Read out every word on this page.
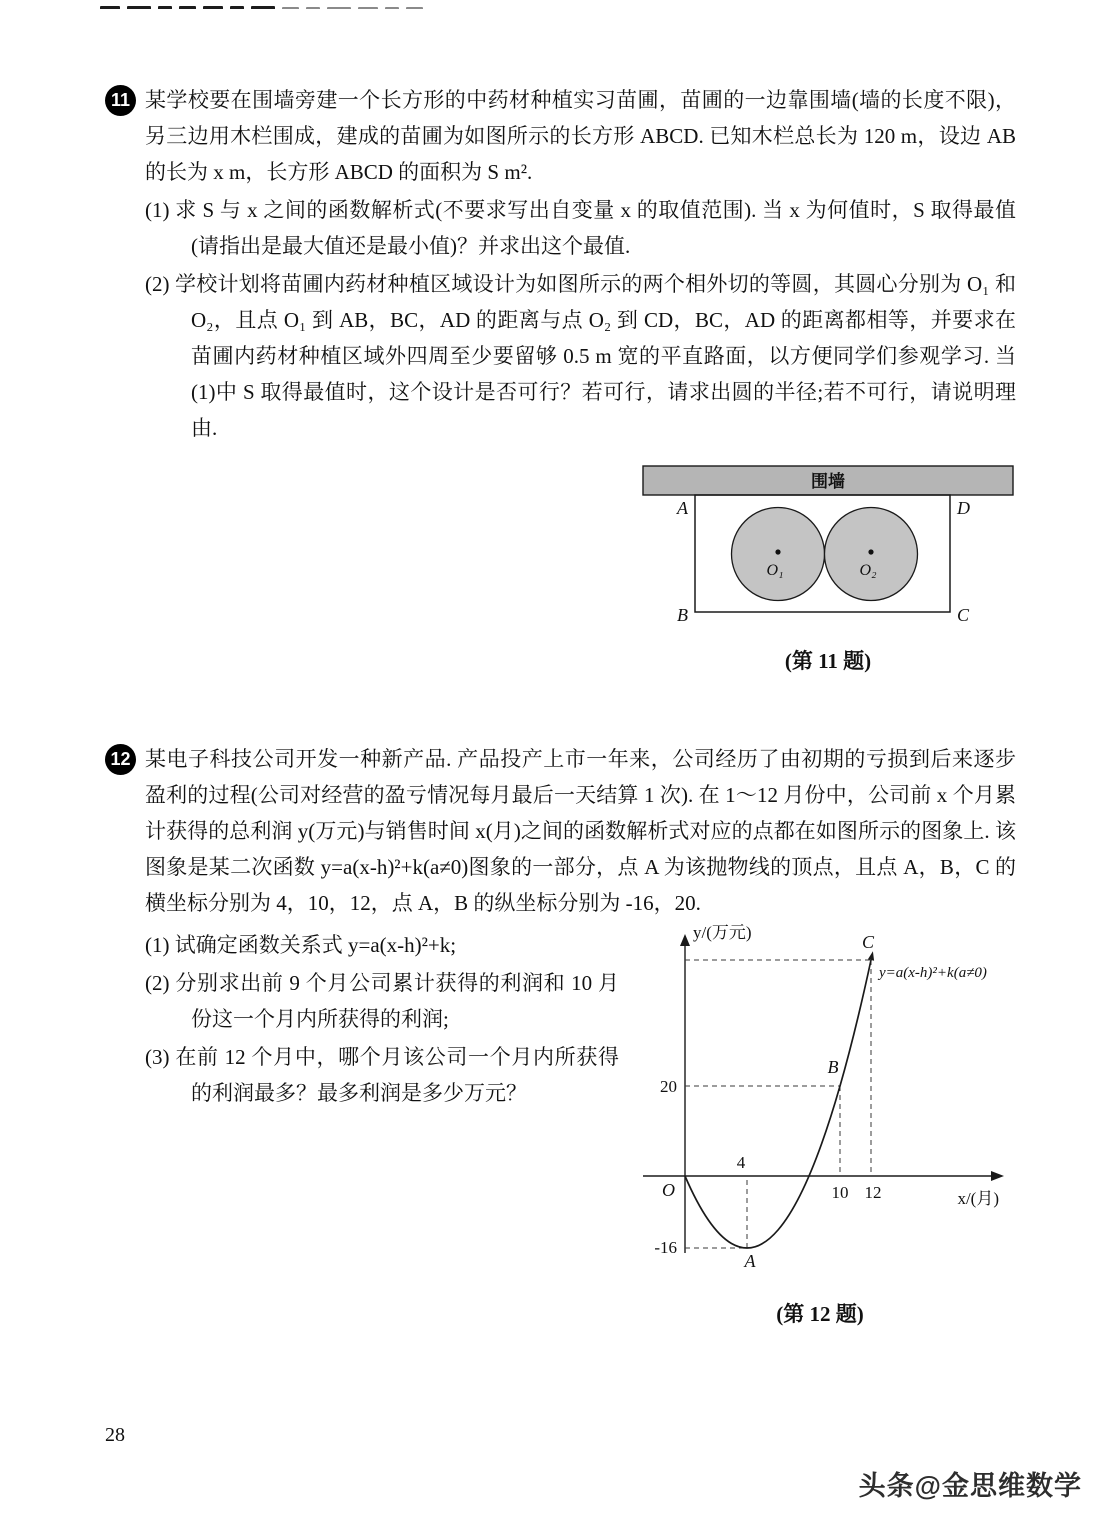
11 某学校要在围墙旁建一个长方形的中药材种植实习苗圃，苗圃的一边靠围墙(墙的长度不限)，另三边用木栏围成，建成的苗圃为如图所示的长方形 ABCD. 已知木栏总长为 120 m，设边 AB 的长为 x m，长方形 ABCD 的面积为 S m².

(1) 求 S 与 x 之间的函数解析式(不要求写出自变量 x 的取值范围). 当 x 为何值时，S 取得最值(请指出是最大值还是最小值)？并求出这个最值.

(2) 学校计划将苗圃内药材种植区域设计为如图所示的两个相外切的等圆，其圆心分别为 O₁ 和 O₂，且点 O₁ 到 AB，BC，AD 的距离与点 O₂ 到 CD，BC，AD 的距离都相等，并要求在苗圃内药材种植区域外四周至少要留够 0.5 m 宽的平直路面，以方便同学们参观学习. 当(1)中 S 取得最值时，这个设计是否可行？若可行，请求出圆的半径;若不可行，请说明理由.

围墙
A	D
B	C
O₁	O₂
(第 11 题)
12 某电子科技公司开发一种新产品. 产品投产上市一年来，公司经历了由初期的亏损到后来逐步盈利的过程(公司对经营的盈亏情况每月最后一天结算 1 次). 在 1～12 月份中，公司前 x 个月累计获得的总利润 y(万元)与销售时间 x(月)之间的函数解析式对应的点都在如图所示的图象上. 该图象是某二次函数 y=a(x-h)²+k(a≠0)图象的一部分，点 A 为该抛物线的顶点，且点 A，B，C 的横坐标分别为 4，10，12，点 A，B 的纵坐标分别为 -16，20.

(1) 试确定函数关系式 y=a(x-h)²+k;

(2) 分别求出前 9 个月公司累计获得的利润和 10 月份这一个月内所获得的利润;

(3) 在前 12 个月中，哪个月该公司一个月内所获得的利润最多？最多利润是多少万元？

y/(万元)
x/(月)
O
4
10 12
20
-16
A
B
C
y=a(x-h)²+k(a≠0)
(第 12 题)
28
头条@金思维数学
